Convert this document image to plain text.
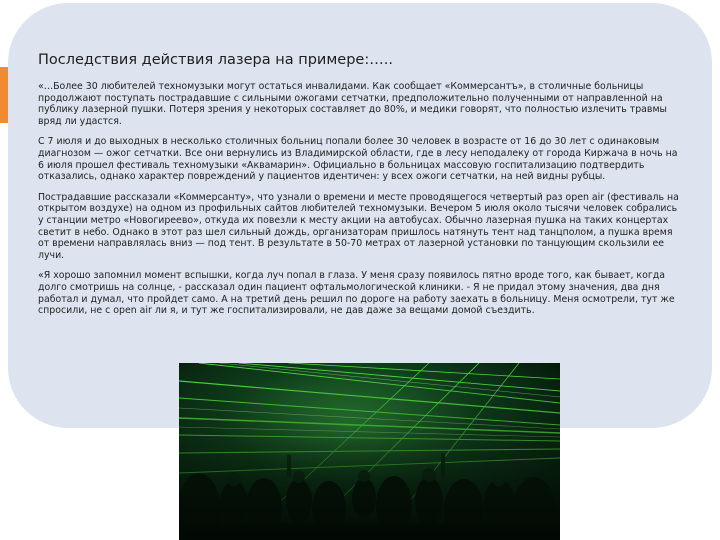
Последствия действия лазера на примере:…..

«…Более 30 любителей техномузыки могут остаться инвалидами. Как сообщает «Коммерсантъ», в столичные больницы продолжают поступать пострадавшие с сильными ожогами сетчатки, предположительно полученными от направленной на публику лазерной пушки. Потеря зрения у некоторых составляет до 80%, и медики говорят, что полностью излечить травмы вряд ли удастся.

С 7 июля и до выходных в несколько столичных больниц попали более 30 человек в возрасте от 16 до 30 лет с одинаковым диагнозом — ожог сетчатки. Все они вернулись из Владимирской области, где в лесу неподалеку от города Киржача в ночь на 6 июля прошел фестиваль техномузыки «Аквамарин». Официально в больницах массовую госпитализацию подтвердить отказались, однако характер повреждений у пациентов идентичен: у всех ожоги сетчатки, на ней видны рубцы.

Пострадавшие рассказали «Коммерсанту», что узнали о времени и месте проводящегося четвертый раз open air (фестиваль на открытом воздухе) на одном из профильных сайтов любителей техномузыки. Вечером 5 июля около тысячи человек собрались у станции метро «Новогиреево», откуда их повезли к месту акции на автобусах. Обычно лазерная пушка на таких концертах светит в небо. Однако в этот раз шел сильный дождь, организаторам пришлось натянуть тент над танцполом, а пушка время от времени направлялась вниз — под тент. В результате в 50-70 метрах от лазерной установки по танцующим скользили ее лучи.

«Я хорошо запомнил момент вспышки, когда луч попал в глаза. У меня сразу появилось пятно вроде того, как бывает, когда долго смотришь на солнце, - рассказал один пациент офтальмологической клиники. - Я не придал этому значения, два дня работал и думал, что пройдет само. А на третий день решил по дороге на работу заехать в больницу. Меня осмотрели, тут же спросили, не с open air ли я, и тут же госпитализировали, не дав даже за вещами домой съездить.
